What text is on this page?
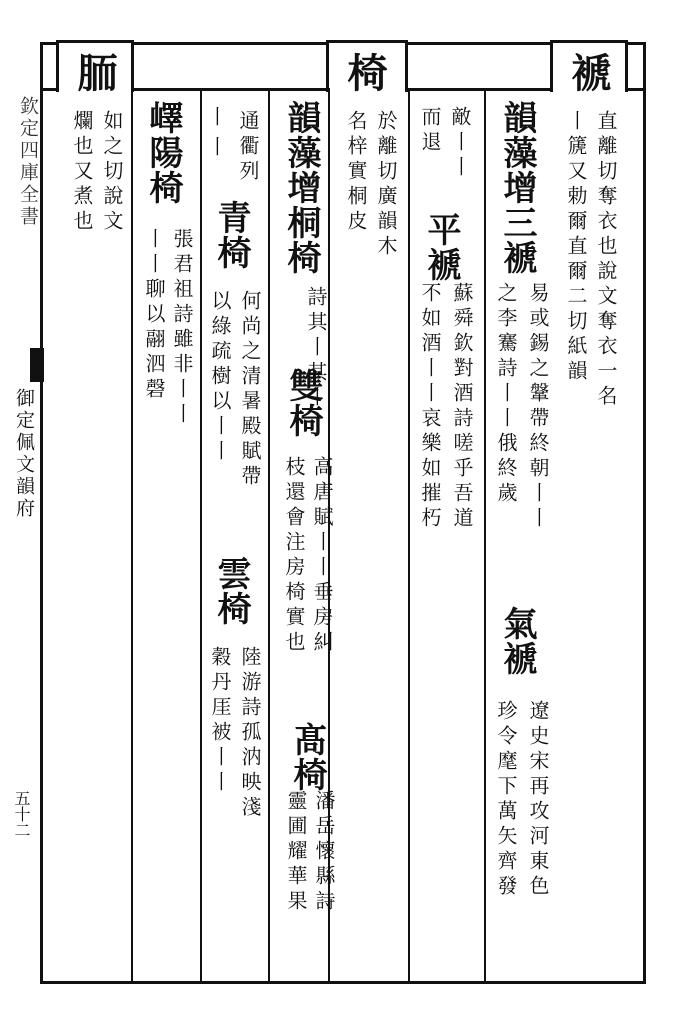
欽定四庫全書
御定佩文韻府
五十二
褫
直離切奪衣也說文奪衣一名
丨篪又勅爾直爾二切紙韻
韻藻增三褫
易或錫之鞶帶終朝丨丨
之李騫詩丨丨俄終歲
氣褫
遼史宋再攻河東色
珍令麾下萬矢齊發
敵丨丨
而退
平褫
蘇舜欽對酒詩嗟乎吾道
不如酒丨丨哀樂如摧朽
椅
於離切廣韻木
名梓實桐皮
韻藻增桐椅
詩其丨其丨
雙椅
高唐賦丨丨垂房糾
枝還會注房椅實也
髙椅
潘岳懷縣詩
靈圃耀華果
通衢列
青椅
何尚之清暑殿賦帶
以綠疏樹以丨丨
雲椅
陸游詩孤汭映淺
穀丹厓被丨丨
丨丨
嶧陽椅
張君祖詩雖非丨丨
丨丨聊以翮泗磬
胹
如之切說文
爛也又煮也
